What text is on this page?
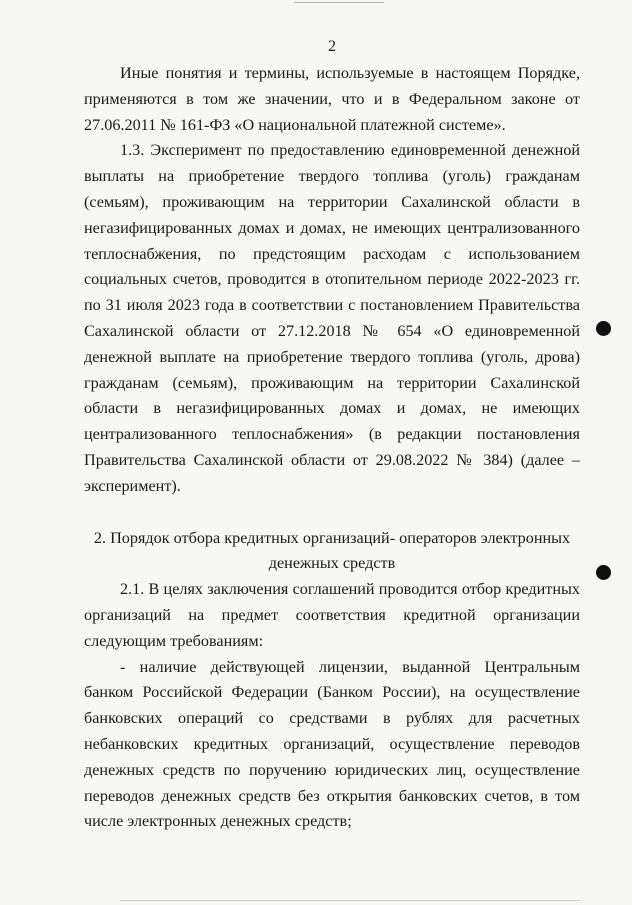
2

Иные понятия и термины, используемые в настоящем Порядке, применяются в том же значении, что и в Федеральном законе от 27.06.2011 № 161-ФЗ «О национальной платежной системе».

1.3. Эксперимент по предоставлению единовременной денежной выплаты на приобретение твердого топлива (уголь) гражданам (семьям), проживающим на территории Сахалинской области в негазифицированных домах и домах, не имеющих централизованного теплоснабжения, по предстоящим расходам с использованием социальных счетов, проводится в отопительном периоде 2022-2023 гг. по 31 июля 2023 года в соответствии с постановлением Правительства Сахалинской области от 27.12.2018 № 654 «О единовременной денежной выплате на приобретение твердого топлива (уголь, дрова) гражданам (семьям), проживающим на территории Сахалинской области в негазифицированных домах и домах, не имеющих централизованного теплоснабжения» (в редакции постановления Правительства Сахалинской области от 29.08.2022 № 384) (далее – эксперимент).

2. Порядок отбора кредитных организаций- операторов электронных
денежных средств

2.1. В целях заключения соглашений проводится отбор кредитных организаций на предмет соответствия кредитной организации следующим требованиям:

- наличие действующей лицензии, выданной Центральным банком Российской Федерации (Банком России), на осуществление банковских операций со средствами в рублях для расчетных небанковских кредитных организаций, осуществление переводов денежных средств по поручению юридических лиц, осуществление переводов денежных средств без открытия банковских счетов, в том числе электронных денежных средств;
